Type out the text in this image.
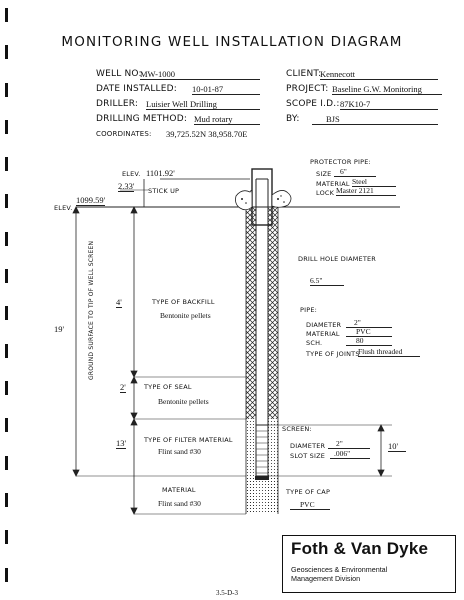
MONITORING WELL INSTALLATION DIAGRAM
WELL NO:
MW-1000
DATE INSTALLED: 10-01-87
DRILLER: Luisier Well Drilling
DRILLING METHOD: Mud rotary
COORDINATES: 39,725.52N 38,958.70E
CLIENT:
Kennecott
PROJECT: Baseline G.W. Monitoring
SCOPE I.D.: 87K10-7
BY:	BJS
ELEV. 1101.92'
2.33' STICK UP
ELEV.
1099.59'
GROUND SURFACE TO TIP OF WELL SCREEN
19'
4'	TYPE OF BACKFILL
Bentonite pellets
2'	TYPE OF SEAL
Bentonite pellets
13'	TYPE OF FILTER MATERIAL
Flint sand #30
MATERIAL
Flint sand #30
PROTECTOR PIPE:
SIZE	6"
MATERIAL Steel
LOCK Master 2121
DRILL HOLE DIAMETER
6.5"
PIPE:
DIAMETER	2"
MATERIAL	PVC
SCH.	80
TYPE OF JOINTS
Flush threaded
SCREEN:
DIAMETER	2"
SLOT SIZE	.006"
10'
TYPE OF CAP
PVC
Foth & Van Dyke
Geosciences & Environmental
Management Division
3.5-D-3
